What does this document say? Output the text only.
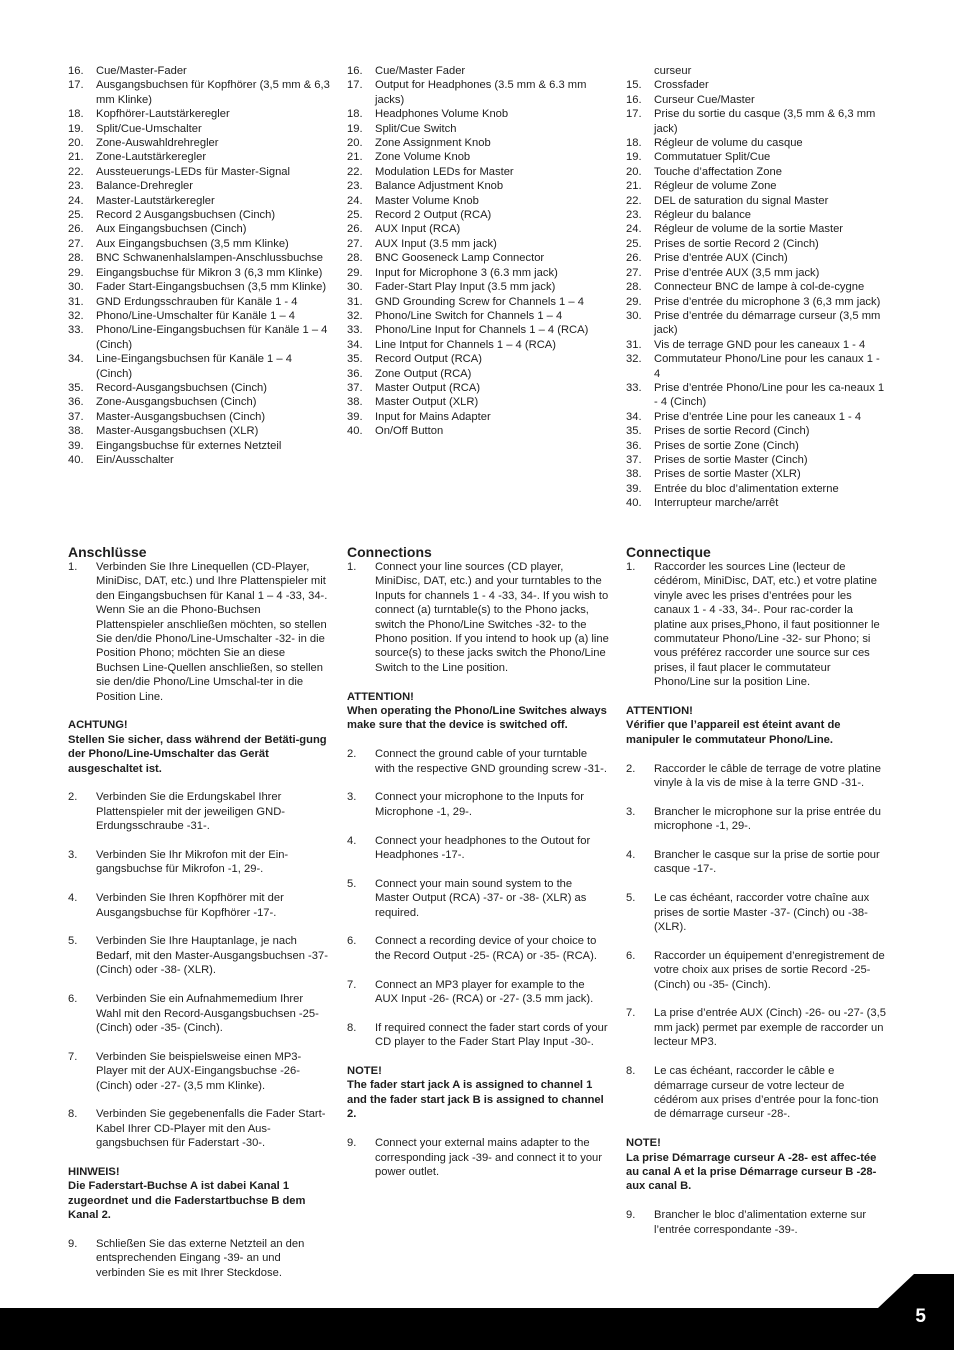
16.	Cue/Master-Fader
17.	Ausgangsbuchsen für Kopfhörer (3,5 mm & 6,3 mm Klinke)
18.	Kopfhörer-Lautstärkeregler
19.	Split/Cue-Umschalter
20.	Zone-Auswahldrehregler
21.	Zone-Lautstärkeregler
22.	Aussteuerungs-LEDs für Master-Signal
23.	Balance-Drehregler
24.	Master-Lautstärkeregler
25.	Record 2 Ausgangsbuchsen (Cinch)
26.	Aux Eingangsbuchsen (Cinch)
27.	Aux Eingangsbuchsen (3,5 mm Klinke)
28.	BNC Schwanenhalslampen-Anschlussbuchse
29.	Eingangsbuchse für Mikron 3 (6,3 mm Klinke)
30.	Fader Start-Eingangsbuchsen (3,5 mm Klinke)
31.	GND Erdungsschrauben für Kanäle 1 - 4
32.	Phono/Line-Umschalter für Kanäle 1 – 4
33.	Phono/Line-Eingangsbuchsen für Kanäle 1 – 4 (Cinch)
34.	Line-Eingangsbuchsen für Kanäle 1 – 4 (Cinch)
35.	Record-Ausgangsbuchsen (Cinch)
36.	Zone-Ausgangsbuchsen (Cinch)
37.	Master-Ausgangsbuchsen (Cinch)
38.	Master-Ausgangsbuchsen (XLR)
39.	Eingangsbuchse für externes Netzteil
40.	Ein/Ausschalter
16.	Cue/Master Fader
17.	Output for Headphones (3.5 mm & 6.3 mm jacks)
18.	Headphones Volume Knob
19.	Split/Cue Switch
20.	Zone Assignment Knob
21.	Zone Volume Knob
22.	Modulation LEDs for Master
23.	Balance Adjustment Knob
24.	Master Volume Knob
25.	Record 2 Output (RCA)
26.	AUX Input (RCA)
27.	AUX Input (3.5 mm jack)
28.	BNC Gooseneck Lamp Connector
29.	Input for Microphone 3 (6.3 mm jack)
30.	Fader-Start Play Input (3.5 mm jack)
31.	GND Grounding Screw for Channels 1 – 4
32.	Phono/Line Switch for Channels 1 – 4
33.	Phono/Line Input for Channels 1 – 4 (RCA)
34.	Line Intput for Channels 1 – 4 (RCA)
35.	Record Output (RCA)
36.	Zone Output (RCA)
37.	Master Output (RCA)
38.	Master Output (XLR)
39.	Input for Mains Adapter
40.	On/Off Button
curseur
15.	Crossfader
16.	Curseur Cue/Master
17.	Prise du sortie du casque (3,5 mm & 6,3 mm jack)
18.	Régleur de volume du casque
19.	Commutatuer Split/Cue
20.	Touche d’affectation Zone
21.	Régleur de volume Zone
22.	DEL de saturation du signal Master
23.	Régleur du balance
24.	Régleur de volume de la sortie Master
25.	Prises de sortie Record 2 (Cinch)
26.	Prise d’entrée AUX (Cinch)
27.	Prise d’entrée AUX (3,5 mm jack)
28.	Connecteur BNC de lampe à col-de-cygne
29.	Prise d’entrée du microphone 3 (6,3 mm jack)
30.	Prise d’entrée du démarrage curseur (3,5 mm jack)
31.	Vis de terrage GND pour les caneaux 1 - 4
32.	Commutateur Phono/Line pour les canaux 1 - 4
33.	Prise d’entrée Phono/Line pour les ca-neaux 1 - 4 (Cinch)
34.	Prise d’entrée Line pour les caneaux 1 - 4
35.	Prises de sortie Record (Cinch)
36.	Prises de sortie Zone (Cinch)
37.	Prises de sortie Master (Cinch)
38.	Prises de sortie Master (XLR)
39.	Entrée du bloc d’alimentation externe
40.	Interrupteur marche/arrêt
Anschlüsse
1.	Verbinden Sie Ihre Linequellen (CD-Player, MiniDisc, DAT, etc.) und Ihre Plattenspieler mit den Eingangsbuchsen für Kanal 1 – 4 -33, 34-. Wenn Sie an die Phono-Buchsen Plattenspieler anschließen möchten, so stellen Sie den/die Phono/Line-Umschalter -32- in die Position Phono; möchten Sie an diese Buchsen Line-Quellen anschließen, so stellen sie den/die Phono/Line Umschal-ter in die Position Line.
ACHTUNG!
Stellen Sie sicher, dass während der Betäti-gung der Phono/Line-Umschalter das Gerät ausgeschaltet ist.
2.	Verbinden Sie die Erdungskabel Ihrer Plattenspieler mit der jeweiligen GND-Erdungsschraube -31-.
3.	Verbinden Sie Ihr Mikrofon mit der Ein-gangsbuchse für Mikrofon -1, 29-.
4.	Verbinden Sie Ihren Kopfhörer mit der Ausgangsbuchse für Kopfhörer -17-.
5.	Verbinden Sie Ihre Hauptanlage, je nach Bedarf, mit den Master-Ausgangsbuchsen -37- (Cinch) oder -38- (XLR).
6.	Verbinden Sie ein Aufnahmemedium Ihrer Wahl mit den Record-Ausgangsbuchsen -25- (Cinch) oder -35- (Cinch).
7.	Verbinden Sie beispielsweise einen MP3-Player mit der AUX-Eingangsbuchse -26- (Cinch) oder -27- (3,5 mm Klinke).
8.	Verbinden Sie gegebenenfalls die Fader Start-Kabel Ihrer CD-Player mit den Aus-gangsbuchsen für Faderstart -30-.
HINWEIS!
Die Faderstart-Buchse A ist dabei Kanal 1 zugeordnet und die Faderstartbuchse B dem Kanal 2.
9.	Schließen Sie das externe Netzteil an den entsprechenden Eingang -39- an und verbinden Sie es mit Ihrer Steckdose.
Connections
1.	Connect your line sources (CD player, MiniDisc, DAT, etc.) and your turntables to the Inputs for channels 1 - 4 -33, 34-. If you wish to connect (a) turntable(s) to the Phono jacks, switch the Phono/Line Switches -32- to the Phono position. If you intend to hook up (a) line source(s) to these jacks switch the Phono/Line Switch to the Line position.
ATTENTION!
When operating the Phono/Line Switches always make sure that the device is switched off.
2.	Connect the ground cable of your turntable with the respective GND grounding screw -31-.
3.	Connect your microphone to the Inputs for Microphone -1, 29-.
4.	Connect your headphones to the Outout for Headphones -17-.
5.	Connect your main sound system to the Master Output (RCA) -37- or -38- (XLR) as required.
6.	Connect a recording device of your choice to the Record Output -25- (RCA) or -35- (RCA).
7.	Connect an MP3 player for example to the AUX Input -26- (RCA) or -27- (3.5 mm jack).
8.	If required connect the fader start cords of your CD player to the Fader Start Play Input -30-.
NOTE!
The fader start jack A is assigned to channel 1 and the fader start jack B is assigned to channel 2.
9.	Connect your external mains adapter to the corresponding jack -39- and connect it to your power outlet.
Connectique
1.	Raccorder les sources Line (lecteur de cédérom, MiniDisc, DAT, etc.) et votre platine vinyle avec les prises d’entrées pour les canaux 1 - 4 -33, 34-. Pour rac-corder la platine aux prises„Phono, il faut positionner le commutateur Phono/Line -32- sur Phono; si vous préférez raccorder une source sur ces prises, il faut placer le commutateur Phono/Line sur la position Line.
ATTENTION!
Vérifier que l’appareil est éteint avant de manipuler le commutateur Phono/Line.
2.	Raccorder le câble de terrage de votre platine vinyle à la vis de mise à la terre GND -31-.
3.	Brancher le microphone sur la prise entrée du microphone -1, 29-.
4.	Brancher le casque sur la prise de sortie pour casque -17-.
5.	Le cas échéant, raccorder votre chaîne aux prises de sortie Master -37- (Cinch) ou -38- (XLR).
6.	Raccorder un équipement d’enregistrement de votre choix aux prises de sortie Record -25- (Cinch) ou -35- (Cinch).
7.	La prise d’entrée AUX (Cinch) -26- ou -27- (3,5 mm jack) permet par exemple de raccorder un lecteur MP3.
8.	Le cas échéant, raccorder le câble e démarrage curseur de votre lecteur de cédérom aux prises d’entrée pour la fonc-tion de démarrage curseur -28-.
NOTE!
La prise Démarrage curseur A -28- est affec-tée au canal A et la prise Démarrage curseur B -28- aux canal B.
9.	Brancher le bloc d’alimentation externe sur l’entrée correspondante -39-.
5
